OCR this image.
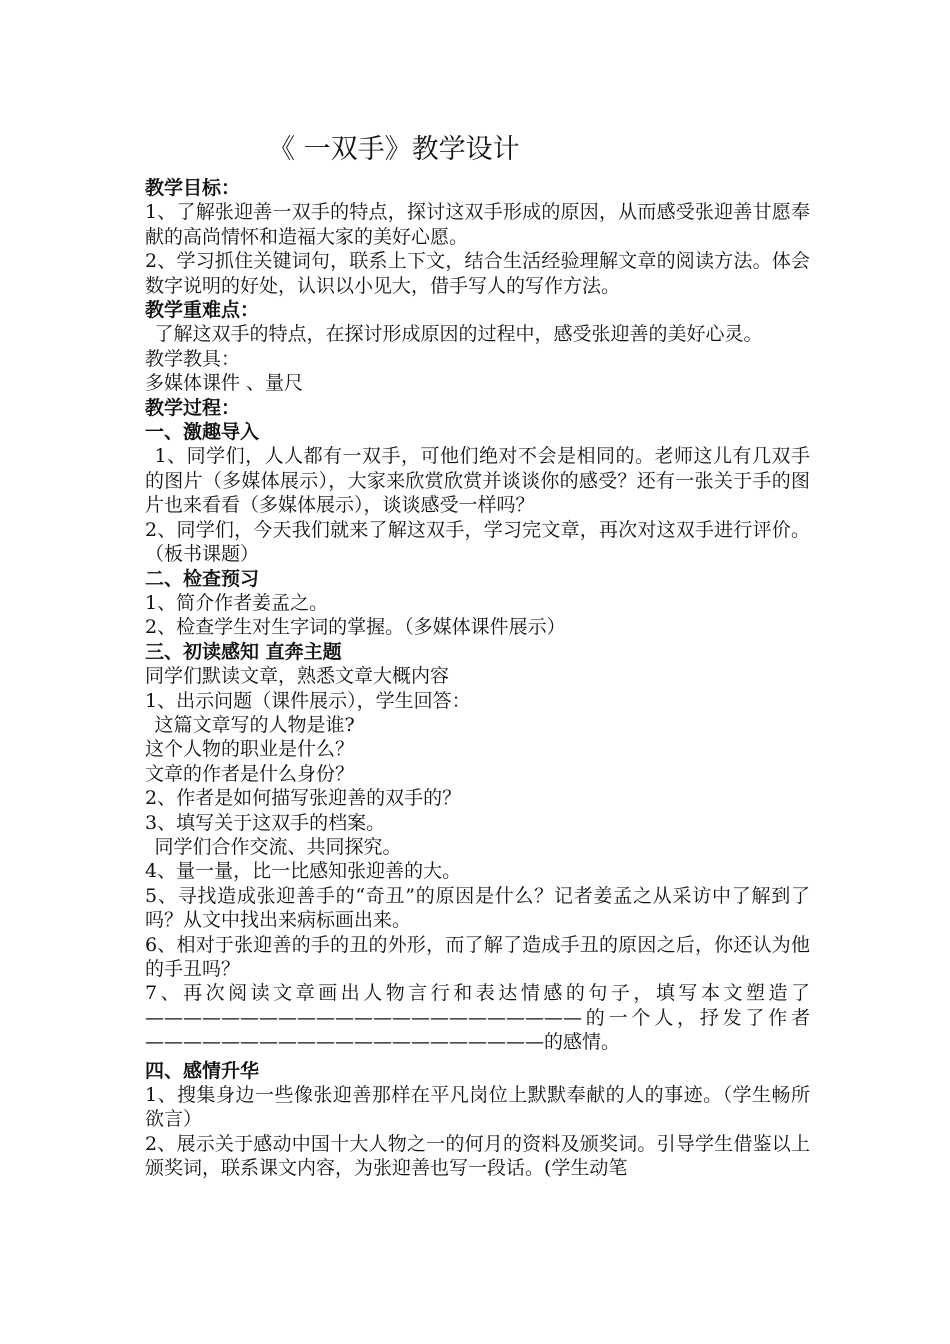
《 一双手》教学设计

教学目标：

1、了解张迎善一双手的特点，探讨这双手形成的原因，从而感受张迎善甘愿奉献的高尚情怀和造福大家的美好心愿。

2、学习抓住关键词句，联系上下文，结合生活经验理解文章的阅读方法。体会数字说明的好处，认识以小见大，借手写人的写作方法。

教学重难点：

了解这双手的特点，在探讨形成原因的过程中，感受张迎善的美好心灵。

教学教具：

多媒体课件 、量尺

教学过程：

一、激趣导入

1、同学们，人人都有一双手，可他们绝对不会是相同的。老师这儿有几双手的图片（多媒体展示），大家来欣赏欣赏并谈谈你的感受？还有一张关于手的图片也来看看（多媒体展示），谈谈感受一样吗？

2、同学们，今天我们就来了解这双手，学习完文章，再次对这双手进行评价。（板书课题）

二、检查预习

1、简介作者姜孟之。

2、检查学生对生字词的掌握。（多媒体课件展示）

三、初读感知 直奔主题

同学们默读文章，熟悉文章大概内容

1、出示问题（课件展示），学生回答：

这篇文章写的人物是谁?

这个人物的职业是什么？

文章的作者是什么身份？

2、作者是如何描写张迎善的双手的？

3、填写关于这双手的档案。

同学们合作交流、共同探究。

4、量一量，比一比感知张迎善的大。

5、寻找造成张迎善手的“奇丑”的原因是什么？记者姜孟之从采访中了解到了吗？从文中找出来病标画出来。

6、相对于张迎善的手的丑的外形，而了解了造成手丑的原因之后，你还认为他的手丑吗？

7、再次阅读文章画出人物言行和表达情感的句子，填写本文塑造了———————————————————————的一个人，抒发了作者—————————————————————的感情。

四、感情升华

1、搜集身边一些像张迎善那样在平凡岗位上默默奉献的人的事迹。（学生畅所欲言）

2、展示关于感动中国十大人物之一的何月的资料及颁奖词。引导学生借鉴以上颁奖词，联系课文内容，为张迎善也写一段话。(学生动笔
